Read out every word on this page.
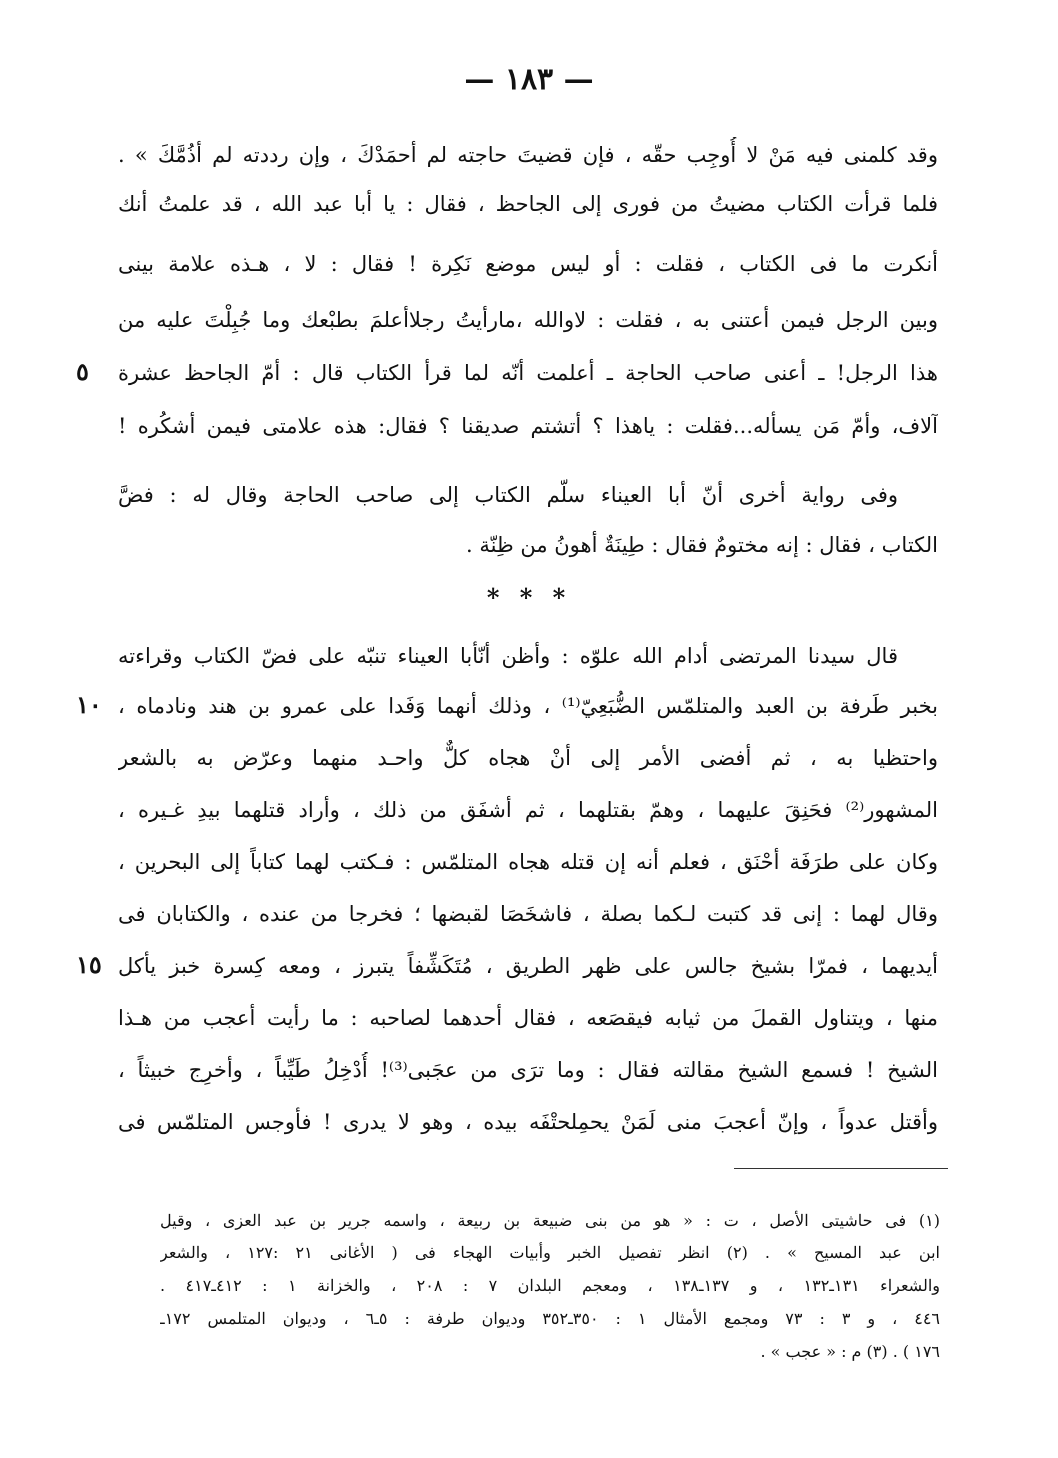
— ١٨٣ —
وقد كلمنى فيه مَنْ لا أُوجِب حقّه ، فإن قضيتَ حاجته لم أحمَدْكَ ، وإن رددته لم أذُمَّكَ » .
فلما قرأت الكتاب مضيتُ من فورى إلى الجاحظ ، فقال : يا أبا عبد الله ، قد علمتُ أنك
أنكرت ما فى الكتاب ، فقلت : أو ليس موضع نَكِرة ! فقال : لا ، هـذه علامة بينى
وبين الرجل فيمن أعتنى به ، فقلت : لاوالله ،مارأيتُ رجلاأعلمَ بطبْعك وما جُبِلْتَ عليه من
هذا الرجل! ـ أعنى صاحب الحاجة ـ أعلمت أنّه لما قرأ الكتاب قال : أمّ الجاحظ عشرة
٥
آلاف، وأمّ مَن يسأله...فقلت : ياهذا ؟ أتشتم صديقنا ؟ فقال: هذه علامتى فيمن أشكُره !
وفى رواية أخرى أنّ أبا العيناء سلّم الكتاب إلى صاحب الحاجة وقال له : فضَّ
الكتاب ، فقال : إنه مختومٌ فقال : طِينَةٌ أهونُ من ظِنّة .
* * *
قال سيدنا المرتضى أدام الله علوّه : وأظن أنّأبا العيناء تنبّه على فضّ الكتاب وقراءته
بخبر طَرفة بن العبد والمتلمّس الضُّبَعِيّ⁽¹⁾ ، وذلك أنهما وَفَدا على عمرو بن هند ونادماه ،
١٠
واحتظيا به ، ثم أفضى الأمر إلى أنْ هجاه كلٌّ واحـد منهما وعرّض به بالشعر
المشهور⁽²⁾ فحَنِقَ عليهما ، وهمّ بقتلهما ، ثم أشفَق من ذلك ، وأراد قتلهما بيدِ غـيره ،
وكان على طرَفَة أحْنَق ، فعلم أنه إن قتله هجاه المتلمّس : فـكتب لهما كتاباً إلى البحرين ،
وقال لهما : إنى قد كتبت لـكما بصلة ، فاشخَصَا لقبضها ؛ فخرجا من عنده ، والكتابان فى
أيديهما ، فمرّا بشيخ جالس على ظهر الطريق ، مُتَكَشِّفاً يتبرز ، ومعه كِسرة خبز يأكل
١٥
منها ، ويتناول القملَ من ثيابه فيقصَعه ، فقال أحدهما لصاحبه : ما رأيت أعجب من هـذا
الشيخ ! فسمع الشيخ مقالته فقال : وما ترَى من عجَبى⁽³⁾! أُدْخِلُ طَيِّباً ، وأخرِج خبيثاً ،
وأقتل عدواً ، وإنّ أعجبَ منى لَمَنْ يحمِلحتْفَه بيده ، وهو لا يدرى ! فأوجس المتلمّس فى
(١) فى حاشيتى الأصل ، ت : « هو من بنى ضبيعة بن ربيعة ، واسمه جرير بن عبد العزى ، وقيل
ابن عبد المسيح » . (٢) انظر تفصيل الخبر وأبيات الهجاء فى ( الأغانى ٢١ :١٢٧ ، والشعر
والشعراء ١٣١ـ١٣٢ ، و ١٣٧ـ١٣٨ ، ومعجم البلدان ٧ : ٢٠٨ ، والخزانة ١ : ٤١٢ـ٤١٧ .
٤٤٦ ، و ٣ : ٧٣ ومجمع الأمثال ١ : ٣٥٠ـ٣٥٢ وديوان طرفة : ٥ـ٦ ، وديوان المتلمس ١٧٢ـ
١٧٦ ) . (٣) م : « عجب » .
